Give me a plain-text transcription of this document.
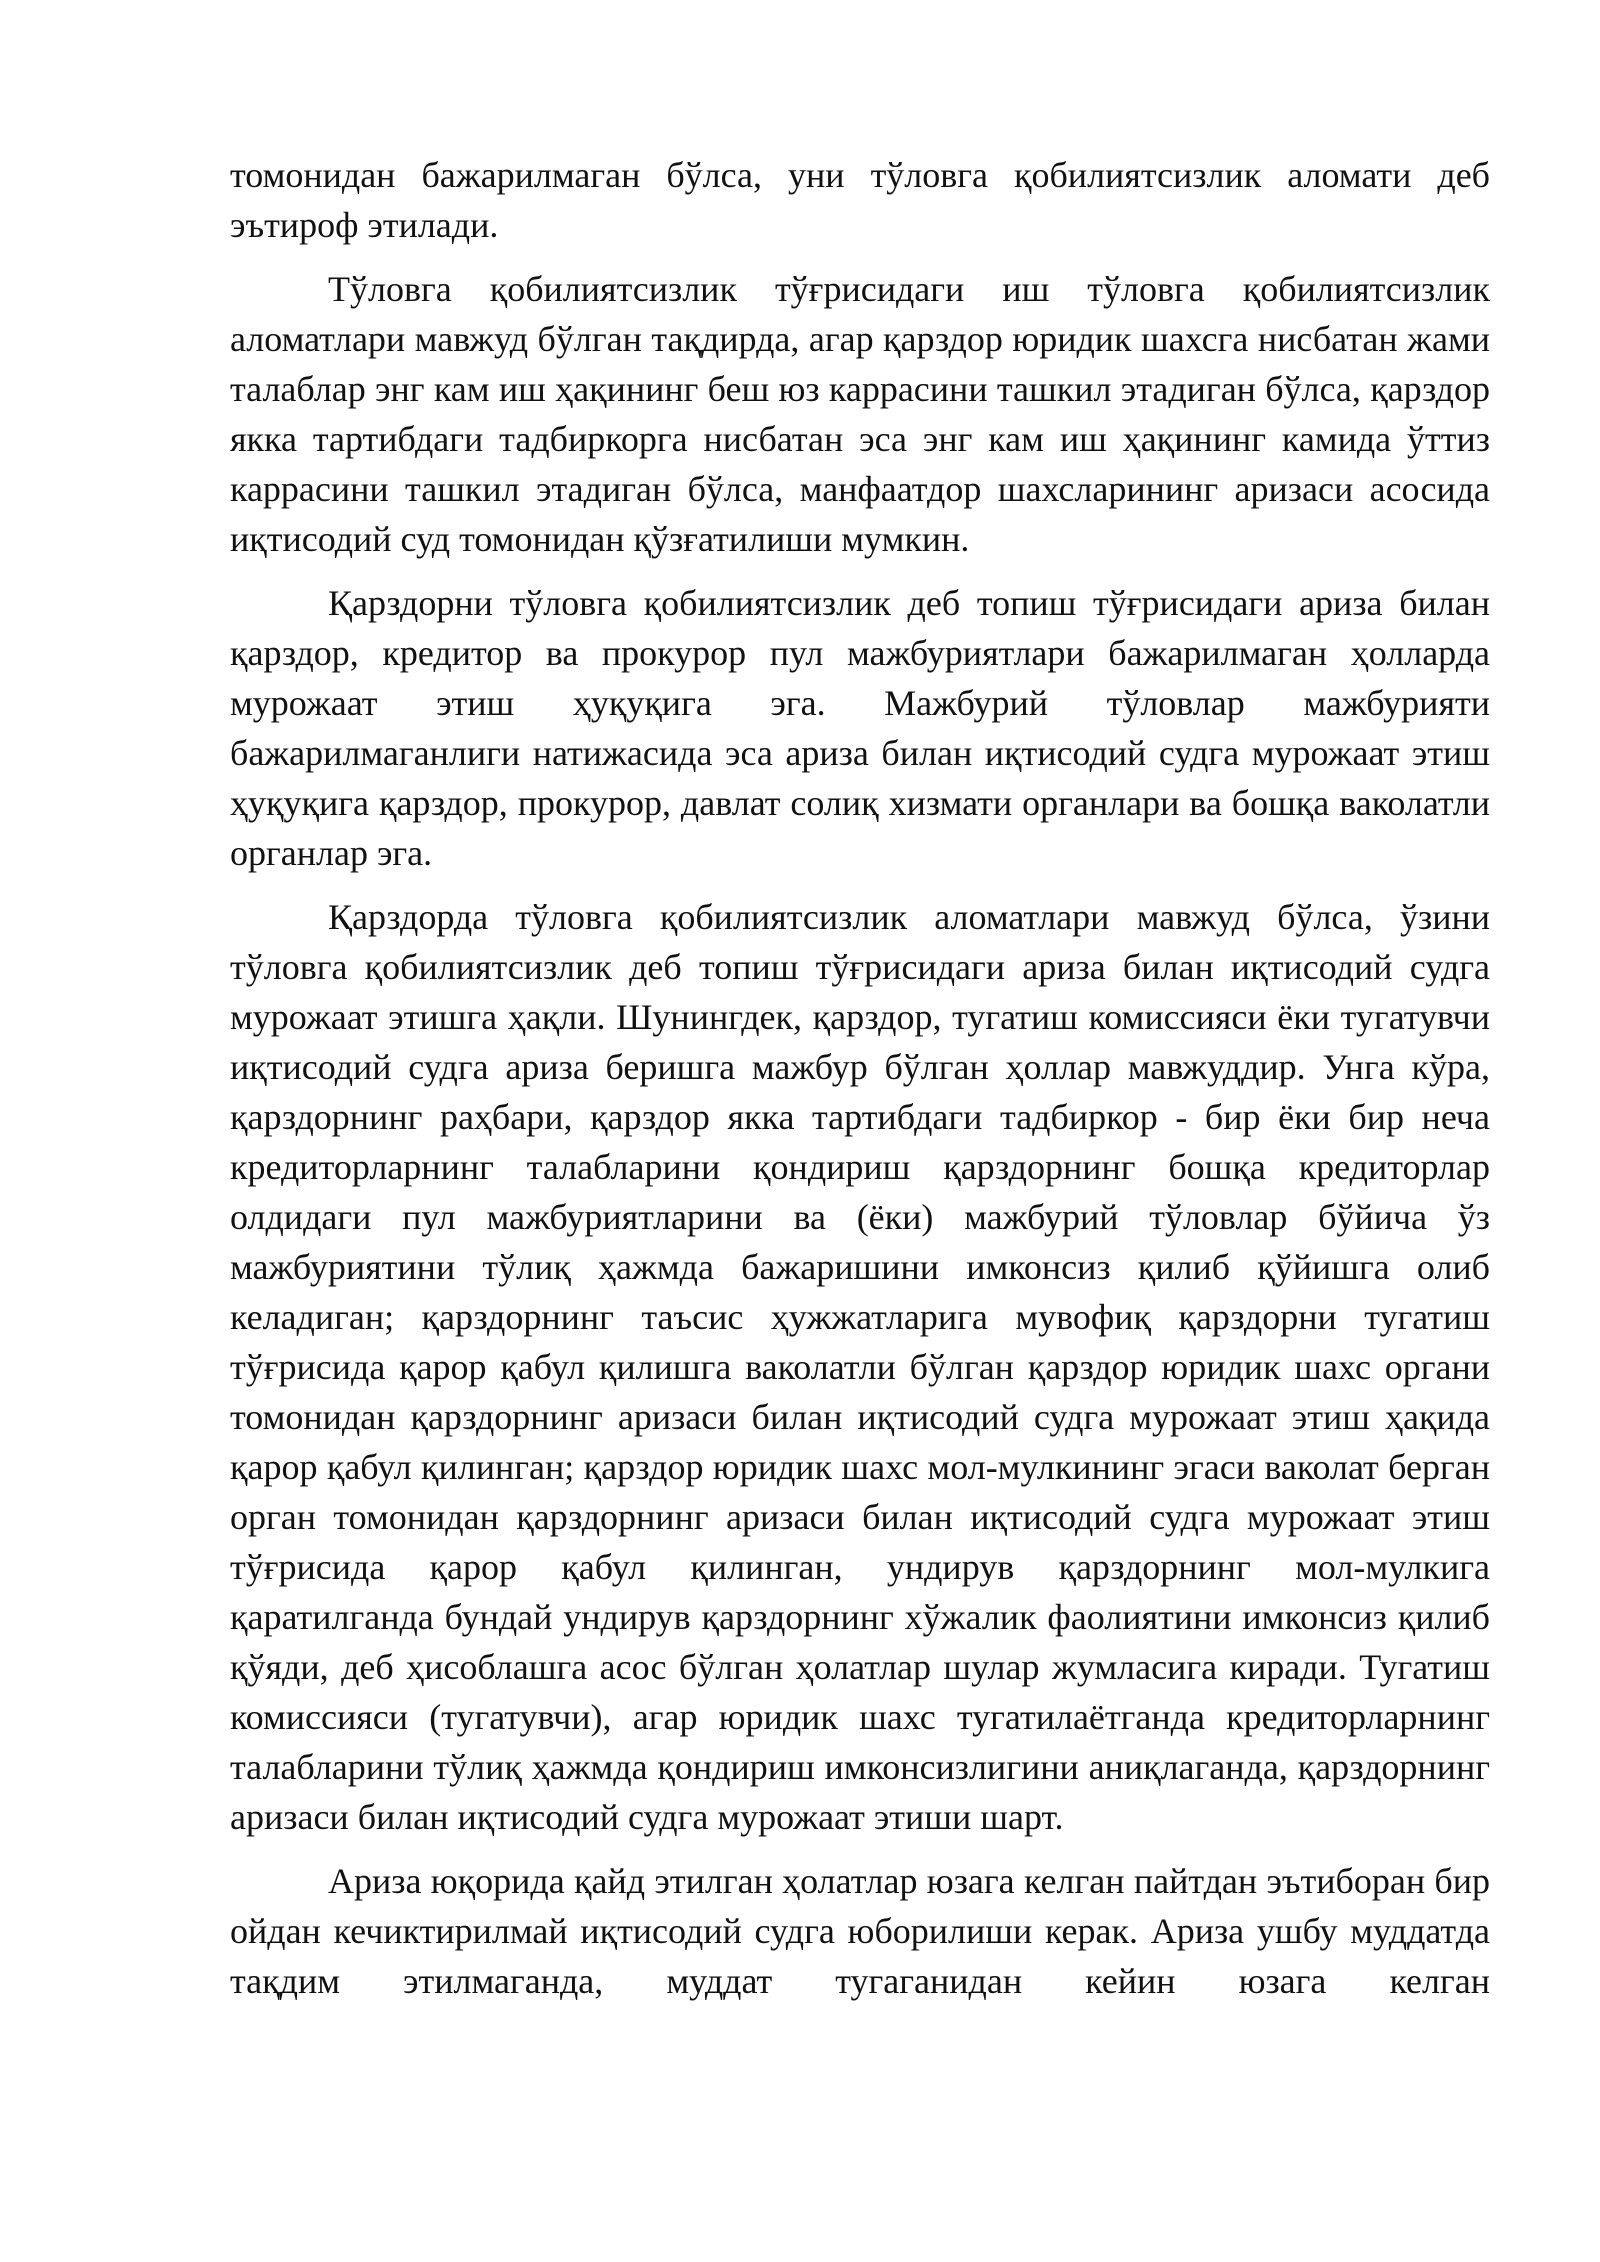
томонидан бажарилмаган бўлса, уни тўловга қобилиятсизлик аломати деб эътироф этилади.

Тўловга қобилиятсизлик тўғрисидаги иш тўловга қобилиятсизлик аломатлари мавжуд бўлган тақдирда, агар қарздор юридик шахсга нисбатан жами талаблар энг кам иш ҳақининг беш юз каррасини ташкил этадиган бўлса, қарздор якка тартибдаги тадбиркорга нисбатан эса энг кам иш ҳақининг камида ўттиз каррасини ташкил этадиган бўлса, манфаатдор шахсларининг аризаси асосида иқтисодий суд томонидан қўзғатилиши мумкин.

Қарздорни тўловга қобилиятсизлик деб топиш тўғрисидаги ариза билан қарздор, кредитор ва прокурор пул мажбуриятлари бажарилмаган ҳолларда мурожаат этиш ҳуқуқига эга. Мажбурий тўловлар мажбурияти бажарилмаганлиги натижасида эса ариза билан иқтисодий судга мурожаат этиш ҳуқуқига қарздор, прокурор, давлат солиқ хизмати органлари ва бошқа ваколатли органлар эга.

Қарздорда тўловга қобилиятсизлик аломатлари мавжуд бўлса, ўзини тўловга қобилиятсизлик деб топиш тўғрисидаги ариза билан иқтисодий судга мурожаат этишга ҳақли. Шунингдек, қарздор, тугатиш комиссияси ёки тугатувчи иқтисодий судга ариза беришга мажбур бўлган ҳоллар мавжуддир. Унга кўра, қарздорнинг раҳбари, қарздор якка тартибдаги тадбиркор - бир ёки бир неча кредиторларнинг талабларини қондириш қарздорнинг бошқа кредиторлар олдидаги пул мажбуриятларини ва (ёки) мажбурий тўловлар бўйича ўз мажбуриятини тўлиқ ҳажмда бажаришини имконсиз қилиб қўйишга олиб келадиган; қарздорнинг таъсис ҳужжатларига мувофиқ қарздорни тугатиш тўғрисида қарор қабул қилишга ваколатли бўлган қарздор юридик шахс органи томонидан қарздорнинг аризаси билан иқтисодий судга мурожаат этиш ҳақида қарор қабул қилинган; қарздор юридик шахс мол-мулкининг эгаси ваколат берган орган томонидан қарздорнинг аризаси билан иқтисодий судга мурожаат этиш тўғрисида қарор қабул қилинган, ундирув қарздорнинг мол-мулкига қаратилганда бундай ундирув қарздорнинг хўжалик фаолиятини имконсиз қилиб қўяди, деб ҳисоблашга асос бўлган ҳолатлар шулар жумласига киради. Тугатиш комиссияси (тугатувчи), агар юридик шахс тугатилаётганда кредиторларнинг талабларини тўлиқ ҳажмда қондириш имконсизлигини аниқлаганда, қарздорнинг аризаси билан иқтисодий судга мурожаат этиши шарт.

Ариза юқорида қайд этилган ҳолатлар юзага келган пайтдан эътиборан бир ойдан кечиктирилмай иқтисодий судга юборилиши керак. Ариза ушбу муддатда тақдим этилмаганда, муддат тугаганидан кейин юзага келган
